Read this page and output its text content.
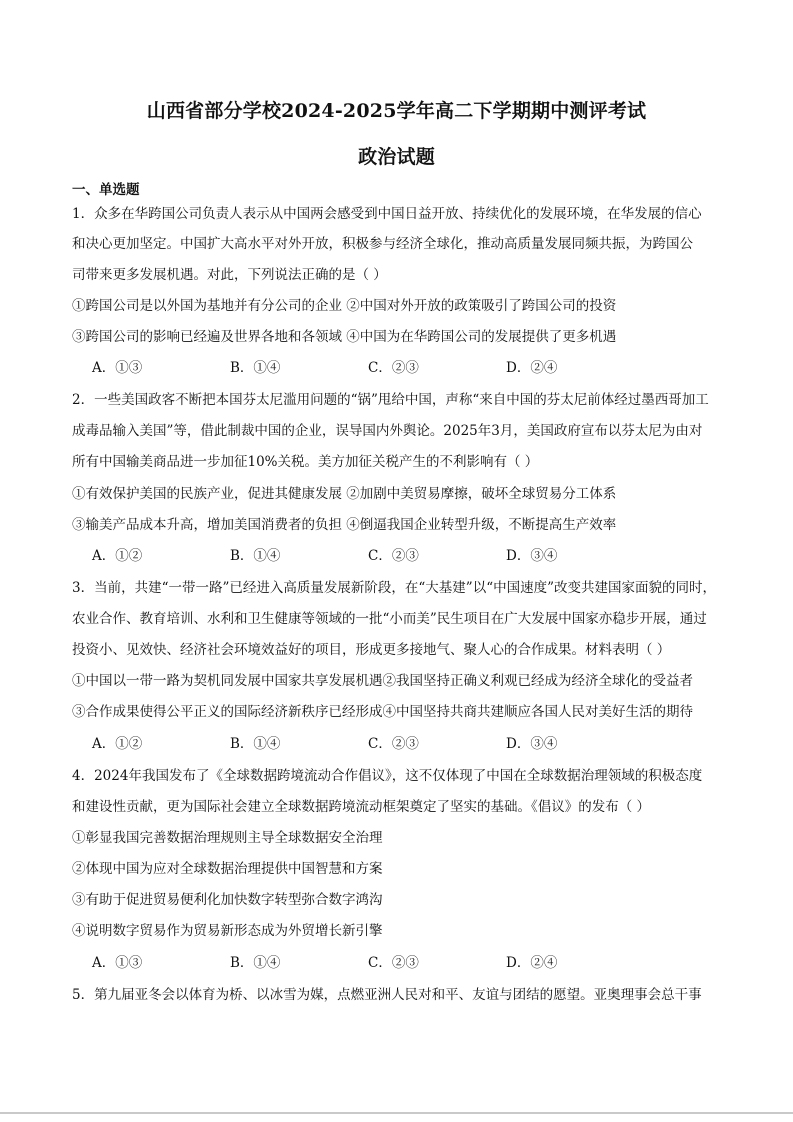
山西省部分学校2024-2025学年高二下学期期中测评考试
政治试题
一、单选题
1．众多在华跨国公司负责人表示从中国两会感受到中国日益开放、持续优化的发展环境，在华发展的信心
和决心更加坚定。中国扩大高水平对外开放，积极参与经济全球化，推动高质量发展同频共振，为跨国公
司带来更多发展机遇。对此，下列说法正确的是（ ）
①跨国公司是以外国为基地并有分公司的企业 ②中国对外开放的政策吸引了跨国公司的投资
③跨国公司的影响已经遍及世界各地和各领域 ④中国为在华跨国公司的发展提供了更多机遇
A．①③	B．①④	C．②③	D．②④
2．一些美国政客不断把本国芬太尼滥用问题的“锅”甩给中国，声称“来自中国的芬太尼前体经过墨西哥加工
成毒品输入美国”等，借此制裁中国的企业，误导国内外舆论。2025年3月，美国政府宣布以芬太尼为由对
所有中国输美商品进一步加征10%关税。美方加征关税产生的不利影响有（ ）
①有效保护美国的民族产业，促进其健康发展 ②加剧中美贸易摩擦，破坏全球贸易分工体系
③输美产品成本升高，增加美国消费者的负担 ④倒逼我国企业转型升级，不断提高生产效率
A．①②	B．①④	C．②③	D．③④
3．当前，共建“一带一路”已经进入高质量发展新阶段，在“大基建”以“中国速度”改变共建国家面貌的同时，
农业合作、教育培训、水利和卫生健康等领域的一批“小而美”民生项目在广大发展中国家亦稳步开展，通过
投资小、见效快、经济社会环境效益好的项目，形成更多接地气、聚人心的合作成果。材料表明（ ）
①中国以一带一路为契机同发展中国家共享发展机遇②我国坚持正确义利观已经成为经济全球化的受益者
③合作成果使得公平正义的国际经济新秩序已经形成④中国坚持共商共建顺应各国人民对美好生活的期待
A．①②	B．①④	C．②③	D．③④
4．2024年我国发布了《全球数据跨境流动合作倡议》，这不仅体现了中国在全球数据治理领域的积极态度
和建设性贡献，更为国际社会建立全球数据跨境流动框架奠定了坚实的基础。《倡议》的发布（ ）
①彰显我国完善数据治理规则主导全球数据安全治理
②体现中国为应对全球数据治理提供中国智慧和方案
③有助于促进贸易便利化加快数字转型弥合数字鸿沟
④说明数字贸易作为贸易新形态成为外贸增长新引擎
A．①③	B．①④	C．②③	D．②④
5．第九届亚冬会以体育为桥、以冰雪为媒，点燃亚洲人民对和平、友谊与团结的愿望。亚奥理事会总干事
